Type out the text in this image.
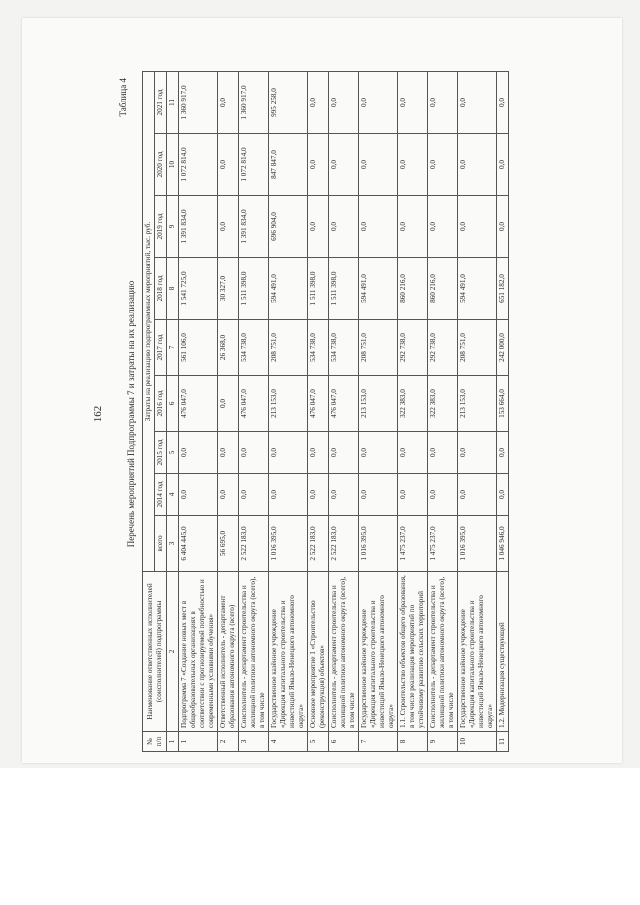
162
Таблица 4
Перечень мероприятий Подпрограммы 7 и затраты на их реализацию
№ п/п	Наименование ответственных исполнителей (соисполнителей) подпрограммы	Затраты на реализацию подпрограммных мероприятий, тыс. руб.								
		всего	2014 год	2015 год	2016 год	2017 год	2018 год	2019 год	2020 год	2021 год
1	2	3	4	5	6	7	8	9	10	11
1	Подпрограмма 7 «Создание новых мест в общеобразовательных организациях в соответствии с прогнозируемой потребностью и современными условиями обучения»	6 404 445,0	0,0	0,0	476 047,0	561 106,0	1 541 725,0	1 391 834,0	1 072 814,0	1 360 917,0
2	Ответственный исполнитель - департамент образования автономного округа (всего)	56 695,0	0,0	0,0	0,0	26 368,0	30 327,0	0,0	0,0	0,0
3	Соисполнитель - департамент строительства и жилищной политики автономного округа (всего), в том числе	2 522 183,0	0,0	0,0	476 047,0	534 738,0	1 511 398,0	1 391 834,0	1 072 814,0	1 360 917,0
4	Государственное казённое учреждение «Дирекция капитального строительства и инвестиций Ямало-Ненецкого автономного округа»	1 016 395,0	0,0	0,0	213 153,0	208 751,0	594 491,0	696 904,0	847 847,0	995 258,0
5	Основное мероприятие 1 «Строительство (реконструкция) объектов»	2 522 183,0	0,0	0,0	476 047,0	534 738,0	1 511 398,0	0,0	0,0	0,0
6	Соисполнитель - департамент строительства и жилищной политики автономного округа (всего), в том числе	2 522 183,0	0,0	0,0	476 047,0	534 738,0	1 511 398,0	0,0	0,0	0,0
7	Государственное казённое учреждение «Дирекция капитального строительства и инвестиций Ямало-Ненецкого автономного округа»	1 016 395,0	0,0	0,0	213 153,0	208 751,0	594 491,0	0,0	0,0	0,0
8	1.1. Строительство объектов общего образования, в том числе реализация мероприятий по устойчивому развитию сельских территорий	1 475 237,0	0,0	0,0	322 383,0	292 738,0	860 216,0	0,0	0,0	0,0
9	Соисполнитель - департамент строительства и жилищной политики автономного округа (всего), в том числе	1 475 237,0	0,0	0,0	322 383,0	292 738,0	860 216,0	0,0	0,0	0,0
10	Государственное казённое учреждение «Дирекция капитального строительства и инвестиций Ямало-Ненецкого автономного округа»	1 016 395,0	0,0	0,0	213 153,0	208 751,0	594 491,0	0,0	0,0	0,0
11	1.2. Модернизация существующей	1 046 946,0	0,0	0,0	153 664,0	242 000,0	651 182,0	0,0	0,0	0,0
